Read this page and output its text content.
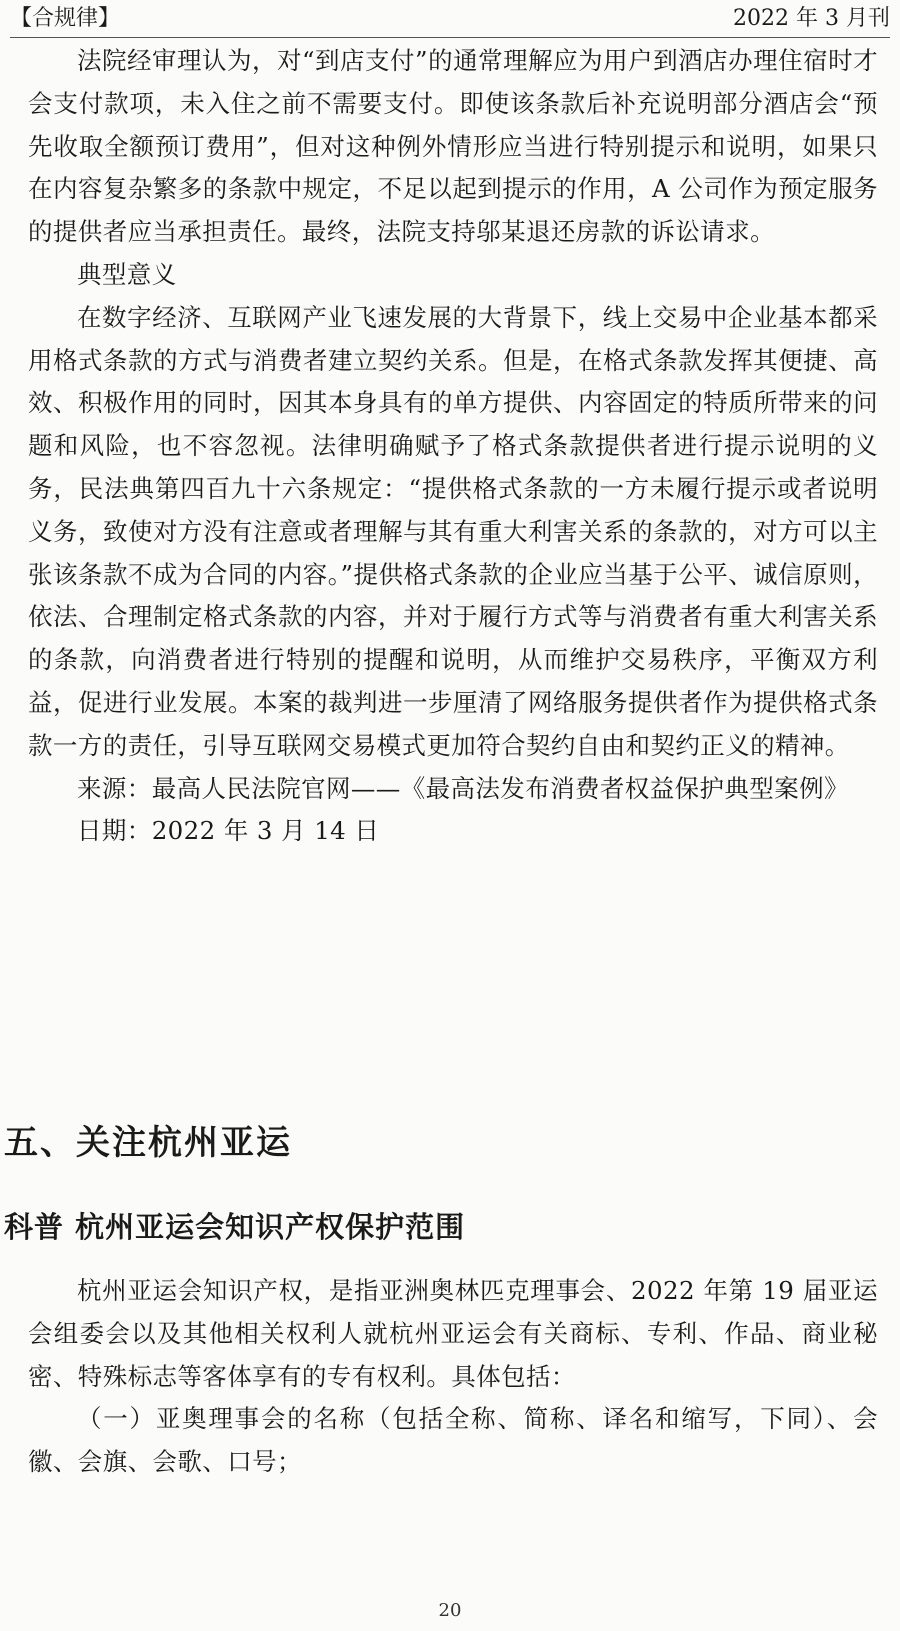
【合规律】	2022 年 3 月刊

法院经审理认为，对“到店支付”的通常理解应为用户到酒店办理住宿时才会支付款项，未入住之前不需要支付。即使该条款后补充说明部分酒店会“预先收取全额预订费用”，但对这种例外情形应当进行特别提示和说明，如果只在内容复杂繁多的条款中规定，不足以起到提示的作用，A 公司作为预定服务的提供者应当承担责任。最终，法院支持邬某退还房款的诉讼请求。

典型意义

在数字经济、互联网产业飞速发展的大背景下，线上交易中企业基本都采用格式条款的方式与消费者建立契约关系。但是，在格式条款发挥其便捷、高效、积极作用的同时，因其本身具有的单方提供、内容固定的特质所带来的问题和风险，也不容忽视。法律明确赋予了格式条款提供者进行提示说明的义务，民法典第四百九十六条规定：“提供格式条款的一方未履行提示或者说明义务，致使对方没有注意或者理解与其有重大利害关系的条款的，对方可以主张该条款不成为合同的内容。”提供格式条款的企业应当基于公平、诚信原则，依法、合理制定格式条款的内容，并对于履行方式等与消费者有重大利害关系的条款，向消费者进行特别的提醒和说明，从而维护交易秩序，平衡双方利益，促进行业发展。本案的裁判进一步厘清了网络服务提供者作为提供格式条款一方的责任，引导互联网交易模式更加符合契约自由和契约正义的精神。

来源：最高人民法院官网——《最高法发布消费者权益保护典型案例》

日期：2022 年 3 月 14 日

五、关注杭州亚运
科普 杭州亚运会知识产权保护范围

杭州亚运会知识产权，是指亚洲奥林匹克理事会、2022 年第 19 届亚运会组委会以及其他相关权利人就杭州亚运会有关商标、专利、作品、商业秘密、特殊标志等客体享有的专有权利。具体包括：

（一）亚奥理事会的名称（包括全称、简称、译名和缩写，下同）、会徽、会旗、会歌、口号；

20
